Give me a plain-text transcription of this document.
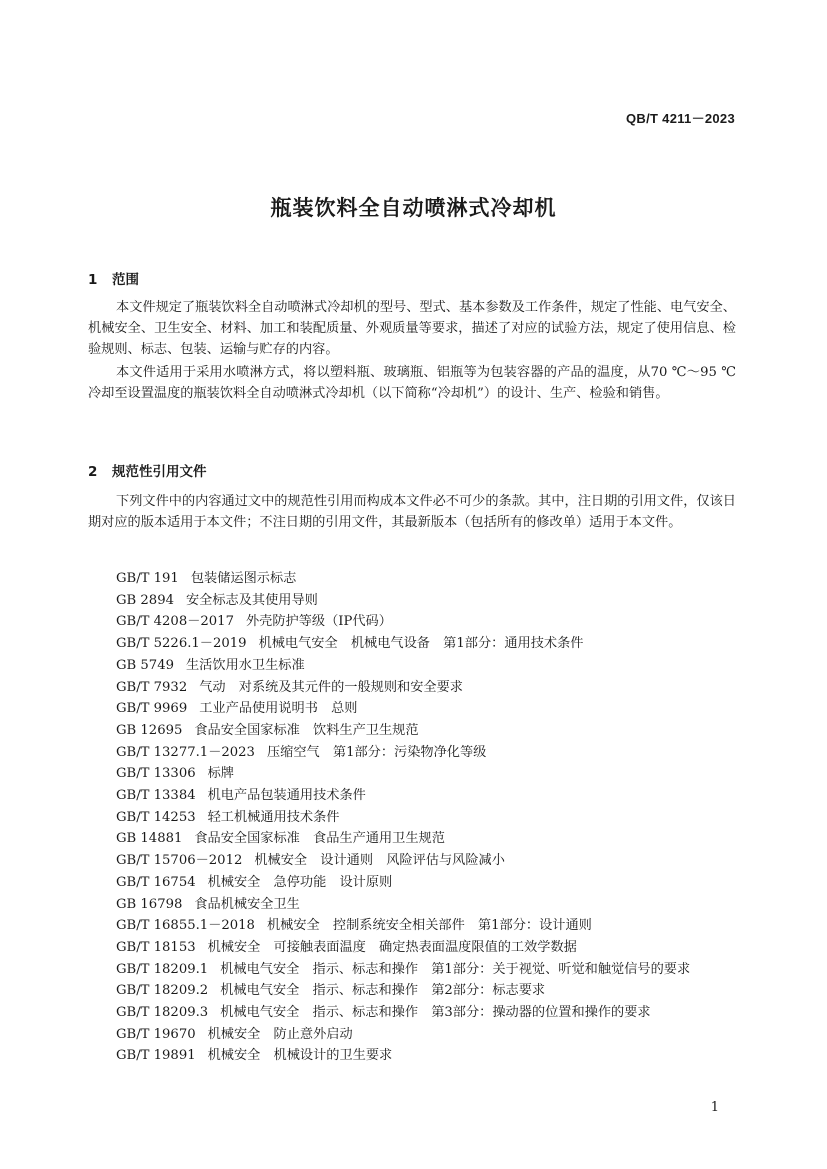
QB/T 4211－2023
瓶装饮料全自动喷淋式冷却机
1 范围

本文件规定了瓶装饮料全自动喷淋式冷却机的型号、型式、基本参数及工作条件，规定了性能、电气安全、机械安全、卫生安全、材料、加工和装配质量、外观质量等要求，描述了对应的试验方法，规定了使用信息、检验规则、标志、包装、运输与贮存的内容。

本文件适用于采用水喷淋方式，将以塑料瓶、玻璃瓶、铝瓶等为包装容器的产品的温度，从70 ℃～95 ℃冷却至设置温度的瓶装饮料全自动喷淋式冷却机（以下简称“冷却机”）的设计、生产、检验和销售。

2 规范性引用文件

下列文件中的内容通过文中的规范性引用而构成本文件必不可少的条款。其中，注日期的引用文件，仅该日期对应的版本适用于本文件；不注日期的引用文件，其最新版本（包括所有的修改单）适用于本文件。

GB/T 191 包装储运图示标志
GB 2894 安全标志及其使用导则
GB/T 4208－2017 外壳防护等级（IP代码）
GB/T 5226.1－2019 机械电气安全　机械电气设备　第1部分：通用技术条件
GB 5749 生活饮用水卫生标准
GB/T 7932 气动　对系统及其元件的一般规则和安全要求
GB/T 9969 工业产品使用说明书　总则
GB 12695 食品安全国家标准　饮料生产卫生规范
GB/T 13277.1－2023 压缩空气　第1部分：污染物净化等级
GB/T 13306 标牌
GB/T 13384 机电产品包装通用技术条件
GB/T 14253 轻工机械通用技术条件
GB 14881 食品安全国家标准　食品生产通用卫生规范
GB/T 15706－2012 机械安全　设计通则　风险评估与风险减小
GB/T 16754 机械安全　急停功能　设计原则
GB 16798 食品机械安全卫生
GB/T 16855.1－2018 机械安全　控制系统安全相关部件　第1部分：设计通则
GB/T 18153 机械安全　可接触表面温度　确定热表面温度限值的工效学数据
GB/T 18209.1 机械电气安全　指示、标志和操作　第1部分：关于视觉、听觉和触觉信号的要求
GB/T 18209.2 机械电气安全　指示、标志和操作　第2部分：标志要求
GB/T 18209.3 机械电气安全　指示、标志和操作　第3部分：操动器的位置和操作的要求
GB/T 19670 机械安全　防止意外启动
GB/T 19891 机械安全　机械设计的卫生要求
1
